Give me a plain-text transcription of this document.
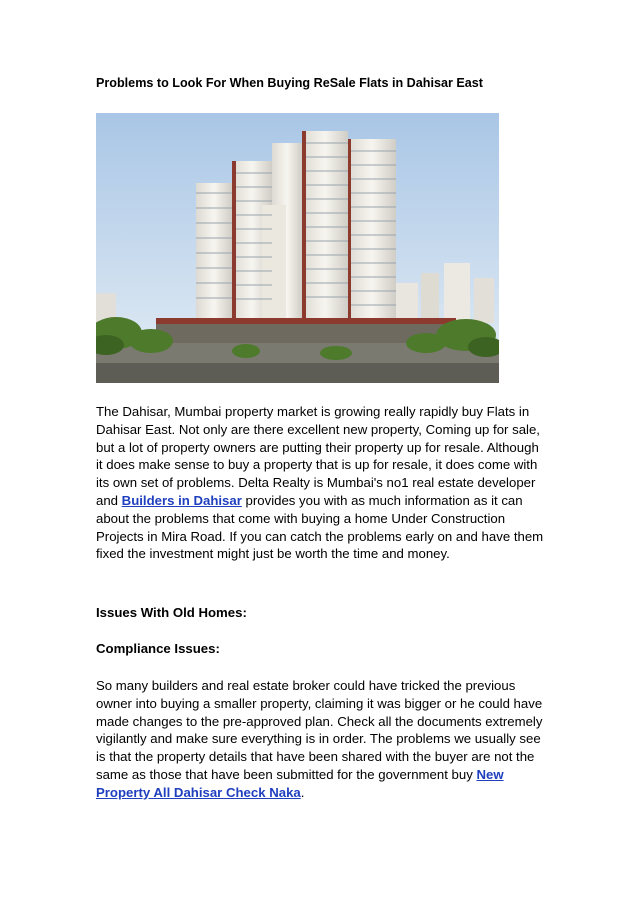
Problems to Look For When Buying ReSale Flats in Dahisar East
The Dahisar, Mumbai property market is growing really rapidly buy Flats in Dahisar East. Not only are there excellent new property, Coming up for sale, but a lot of property owners are putting their property up for resale. Although it does make sense to buy a property that is up for resale, it does come with its own set of problems. Delta Realty is Mumbai's no1 real estate developer and Builders in Dahisar provides you with as much information as it can about the problems that come with buying a home Under Construction Projects in Mira Road. If you can catch the problems early on and have them fixed the investment might just be worth the time and money.
Issues With Old Homes:
Compliance Issues:
So many builders and real estate broker could have tricked the previous owner into buying a smaller property, claiming it was bigger or he could have made changes to the pre-approved plan. Check all the documents extremely vigilantly and make sure everything is in order. The problems we usually see is that the property details that have been shared with the buyer are not the same as those that have been submitted for the government buy New Property All Dahisar Check Naka.
